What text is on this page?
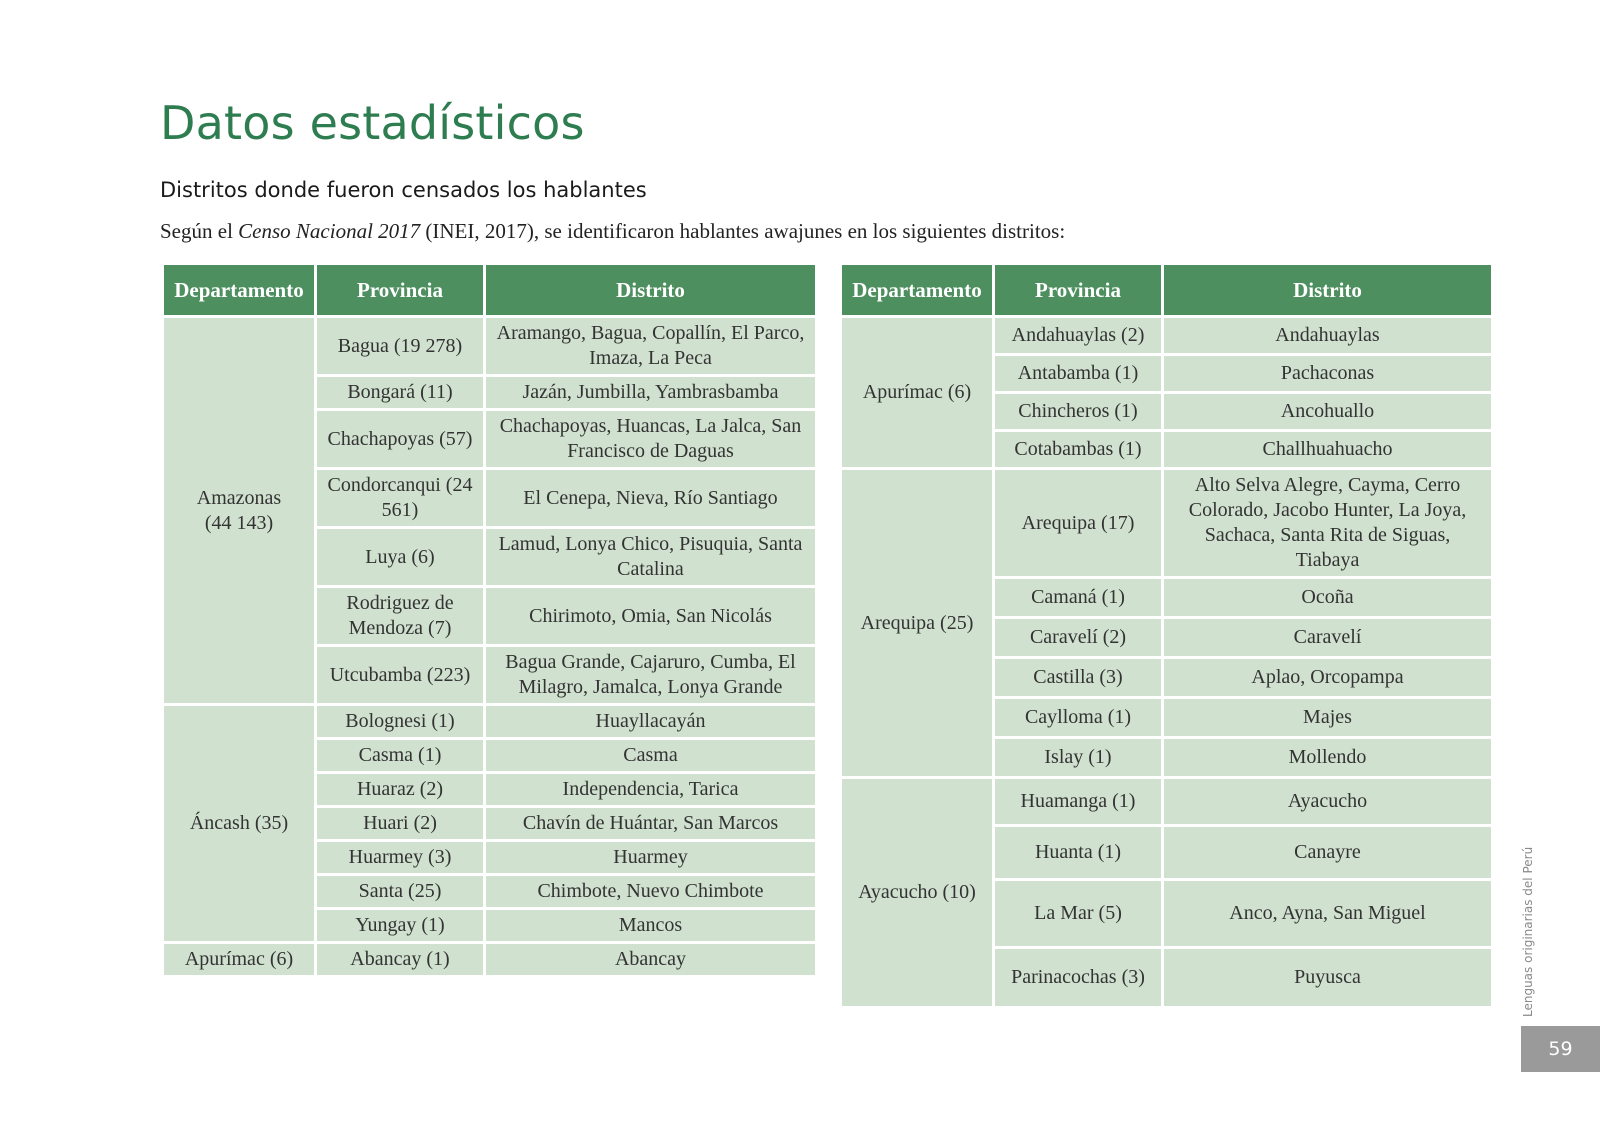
Datos estadísticos
Distritos donde fueron censados los hablantes

Según el Censo Nacional 2017 (INEI, 2017), se identificaron hablantes awajunes en los siguientes distritos:

Departamento	Provincia	Distrito
Amazonas
(44 143)	Bagua (19 278)	Aramango, Bagua, Copallín, El Parco, Imaza, La Peca
	Bongará (11)	Jazán, Jumbilla, Yambrasbamba
	Chachapoyas (57)	Chachapoyas, Huancas, La Jalca, San Francisco de Daguas
	Condorcanqui (24 561)	El Cenepa, Nieva, Río Santiago
	Luya (6)	Lamud, Lonya Chico, Pisuquia, Santa Catalina
	Rodriguez de Mendoza (7)	Chirimoto, Omia, San Nicolás
	Utcubamba (223)	Bagua Grande, Cajaruro, Cumba, El Milagro, Jamalca, Lonya Grande
Áncash (35)	Bolognesi (1)	Huayllacayán
	Casma (1)	Casma
	Huaraz (2)	Independencia, Tarica
	Huari (2)	Chavín de Huántar, San Marcos
	Huarmey (3)	Huarmey
	Santa (25)	Chimbote, Nuevo Chimbote
	Yungay (1)	Mancos
Apurímac (6)	Abancay (1)	Abancay
Departamento	Provincia	Distrito
Apurímac (6)	Andahuaylas (2)	Andahuaylas
	Antabamba (1)	Pachaconas
	Chincheros (1)	Ancohuallo
	Cotabambas (1)	Challhuahuacho
Arequipa (25)	Arequipa (17)	Alto Selva Alegre, Cayma, Cerro Colorado, Jacobo Hunter, La Joya, Sachaca, Santa Rita de Siguas, Tiabaya
	Camaná (1)	Ocoña
	Caravelí (2)	Caravelí
	Castilla (3)	Aplao, Orcopampa
	Caylloma (1)	Majes
	Islay (1)	Mollendo
Ayacucho (10)	Huamanga (1)	Ayacucho
	Huanta (1)	Canayre
	La Mar (5)	Anco, Ayna, San Miguel
	Parinacochas (3)	Puyusca	Lenguas originarias del Perú
59
